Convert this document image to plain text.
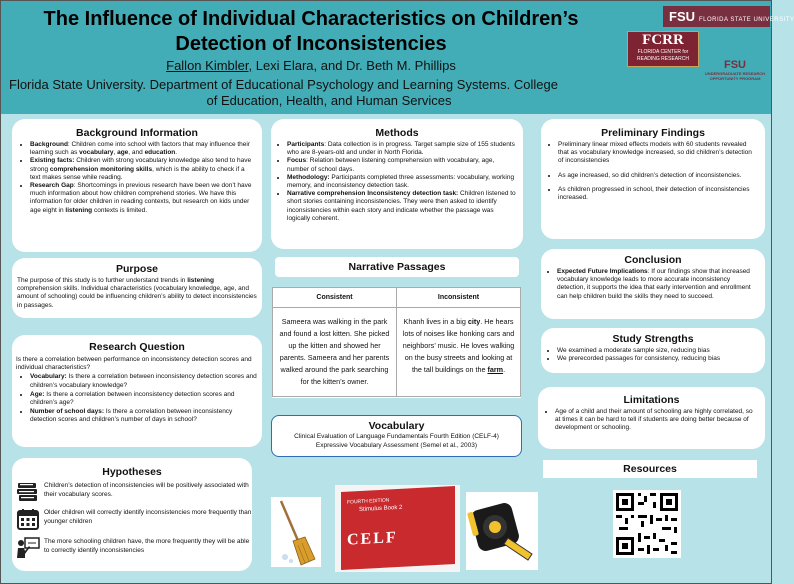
The Influence of Individual Characteristics on Children’s
Detection of Inconsistencies
Fallon Kimbler, Lexi Elara, and Dr. Beth M. Phillips
Florida State University. Department of Educational Psychology and Learning Systems. College
of Education, Health, and Human Services
FSU FLORIDA STATE UNIVERSITY
FCRR
FLORIDA CENTER for READING RESEARCH	FSU
UNDERGRADUATE RESEARCH OPPORTUNITY PROGRAM
Background Information
• Background: Children come into school with factors that may influence their learning such as vocabulary, age, and education.
• Existing facts: Children with strong vocabulary knowledge also tend to have strong comprehension monitoring skills, which is the ability to check if a text makes sense while reading.
• Research Gap: Shortcomings in previous research have been we don’t have much information about how children comprehend stories. We have this information for older children in reading contexts, but research on kids under age eight in listening contexts is limited.
Purpose

The purpose of this study is to further understand trends in listening comprehension skills. Individual characteristics (vocabulary knowledge, age, and amount of schooling) could be influencing children’s ability to detect inconsistencies in passages.

Research Question

Is there a correlation between performance on inconsistency detection scores and individual characteristics?

• Vocabulary: Is there a correlation between inconsistency detection scores and children’s vocabulary knowledge?
• Age: Is there a correlation between inconsistency detection scores and children’s age?
• Number of school days: Is there a correlation between inconsistency detection scores and children’s number of days in school?
Hypotheses
Children’s detection of inconsistencies will be positively associated with their vocabulary scores.
Older children will correctly identify inconsistencies more frequently than younger children
The more schooling children have, the more frequently they will be able to correctly identify inconsistencies
Methods
• Participants: Data collection is in progress. Target sample size of 155 students who are 8-years-old and under in North Florida.
• Focus: Relation between listening comprehension with vocabulary, age, number of school days.
• Methodology: Participants completed three assessments: vocabulary, working memory, and inconsistency detection task.
• Narrative comprehension Inconsistency detection task: Children listened to short stories containing inconsistencies. They were then asked to identify inconsistencies within each story and indicate whether the passage was logically coherent.
Narrative Passages
Consistent	Inconsistent
Sameera was walking in the park and found a lost kitten. She picked up the kitten and showed her parents. Sameera and her parents walked around the park searching for the kitten’s owner.	Khanh lives in a big city. He hears lots of noises like honking cars and neighbors’ music. He loves walking on the busy streets and looking at the tall buildings on the farm.
Vocabulary

Clinical Evaluation of Language Fundamentals Fourth Edition (CELF-4)

Expressive Vocabulary Assessment (Semel et al., 2003)

FOURTH EDITION
Stimulus Book 2
CELF
Preliminary Findings
• Preliminary linear mixed effects models with 60 students revealed that as vocabulary knowledge increased, so did children’s detection of inconsistencies
• As age increased, so did children’s detection of inconsistencies.
• As children progressed in school, their detection of inconsistencies increased.
Conclusion
• Expected Future Implications: If our findings show that increased vocabulary knowledge leads to more accurate inconsistency detection, it supports the idea that early intervention and enrollment can help children build the skills they need to succeed.
Study Strengths
• We examined a moderate sample size, reducing bias
• We prerecorded passages for consistency, reducing bias
Limitations
• Age of a child and their amount of schooling are highly correlated, so at times it can be hard to tell if students are doing better because of development or schooling.
Resources
